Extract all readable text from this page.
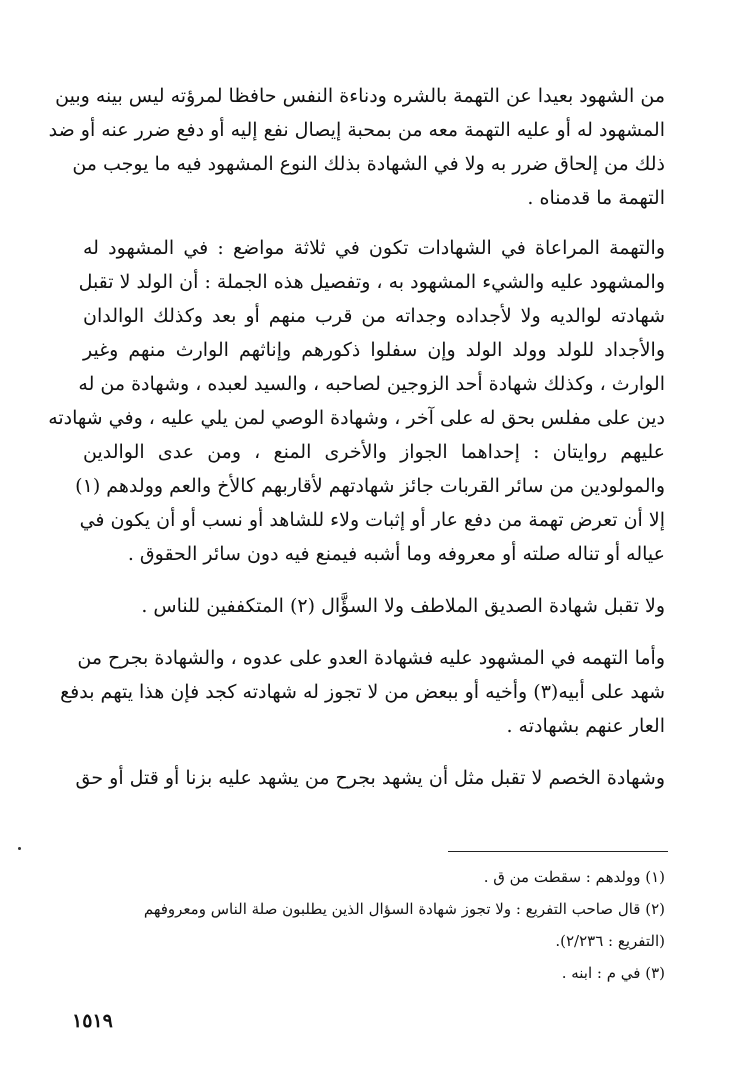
من الشهود بعيدا عن التهمة بالشره ودناءة النفس حافظا لمرؤته ليس بينه وبين
المشهود له أو عليه التهمة معه من بمحبة إيصال نفع إليه أو دفع ضرر عنه أو ضد
ذلك من إلحاق ضرر به ولا في الشهادة بذلك النوع المشهود فيه ما يوجب من
التهمة ما قدمناه .
والتهمة المراعاة في الشهادات تكون في ثلاثة مواضع : في المشهود له
والمشهود عليه والشيء المشهود به ، وتفصيل هذه الجملة : أن الولد لا تقبل
شهادته لوالديه ولا لأجداده وجداته من قرب منهم أو بعد وكذلك الوالدان
والأجداد للولد وولد الولد وإن سفلوا ذكورهم وإناثهم الوارث منهم وغير
الوارث ، وكذلك شهادة أحد الزوجين لصاحبه ، والسيد لعبده ، وشهادة من له
دين على مفلس بحق له على آخر ، وشهادة الوصي لمن يلي عليه ، وفي شهادته
عليهم روايتان : إحداهما الجواز والأخرى المنع ، ومن عدى الوالدين
والمولودين من سائر القربات جائز شهادتهم لأقاربهم كالأخ والعم وولدهم (١)
إلا أن تعرض تهمة من دفع عار أو إثبات ولاء للشاهد أو نسب أو أن يكون في
عياله أو تناله صلته أو معروفه وما أشبه فيمنع فيه دون سائر الحقوق .
ولا تقبل شهادة الصديق الملاطف ولا السؤَّال (٢) المتكففين للناس .
وأما التهمه في المشهود عليه فشهادة العدو على عدوه ، والشهادة بجرح من
شهد على أبيه(٣) وأخيه أو ببعض من لا تجوز له شهادته كجد فإن هذا يتهم بدفع
العار عنهم بشهادته .
وشهادة الخصم لا تقبل مثل أن يشهد بجرح من يشهد عليه بزنا أو قتل أو حق
(١) وولدهم : سقطت من ق .
(٢) قال صاحب التفريع : ولا تجوز شهادة السؤال الذين يطلبون صلة الناس ومعروفهم
(التفريع : ٢/٢٣٦).
(٣) في م : ابنه .
١٥١٩
